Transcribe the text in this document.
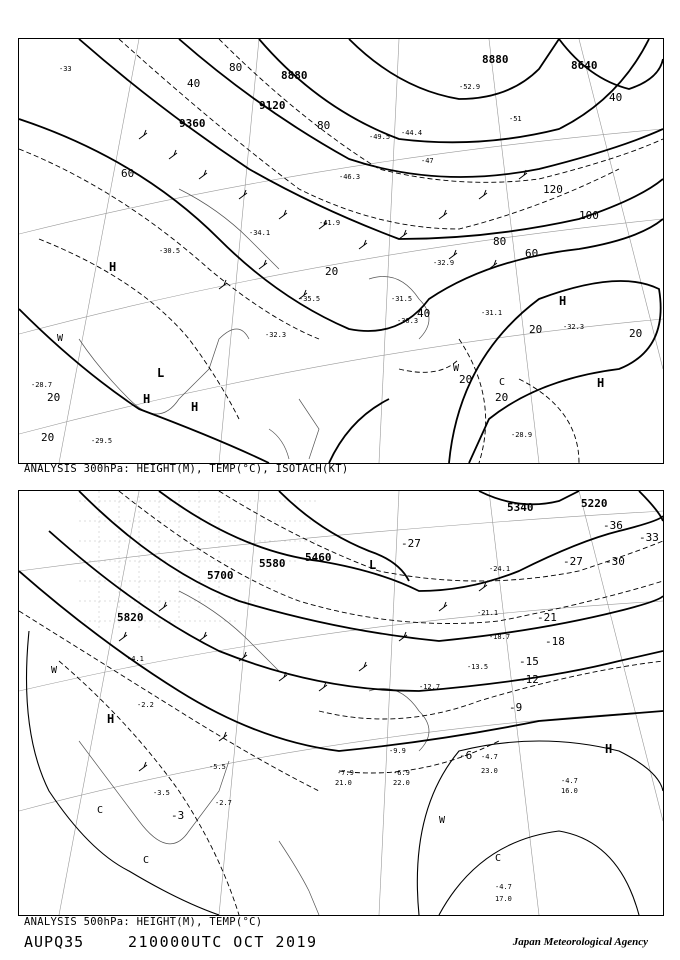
8880
8880
8640
9120
9360
40
80
60
80
120
100
80
60
40
20
20	20
20
20
40
20
20
H
H
H
H
H
L
W
W
C
-33
-49.5
-52.9
-46.3
-41.9
-34.1
-30.5
-32.3
-31.5
-30.3
-28.9
-31.1
-32.3
-32.9
-35.5
-44.4
-47
-51
-29.5
-28.7
ANALYSIS 300hPa: HEIGHT(M), TEMP(°C), ISOTACH(KT)
5340	5220
5460
5580
5700
5820
-36
-33
-27
-30
-27
-21
-18
-15
-12
-9
-6
-3
L
H
H
W
W
C
C	C
-24.1
-21.1
-18.7
-13.5
-12.7
-9.9
-6.9
-4.7
-4.7
-4.7
-2.7
-7.9
-5.5
-4.1
-2.2
-3.5
23.0
16.0
17.0
22.0
21.0
ANALYSIS 500hPa: HEIGHT(M), TEMP(°C)
AUPQ35	210000UTC OCT 2019	Japan Meteorological Agency
